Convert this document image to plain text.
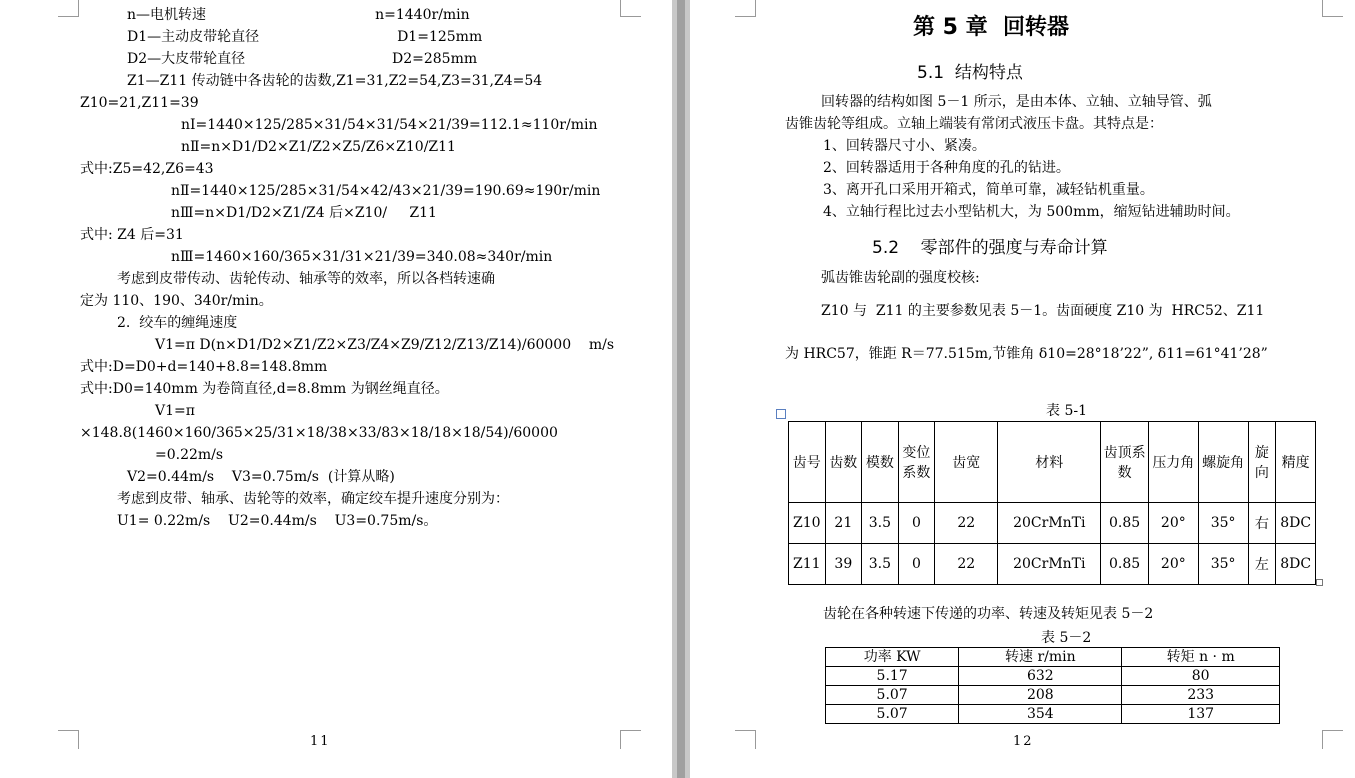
n—电机转速                                      n=1440r/min
D1—主动皮带轮直径                               D1=125mm
D2—大皮带轮直径                                 D2=285mm
Z1—Z11 传动链中各齿轮的齿数,Z1=31,Z2=54,Z3=31,Z4=54
Z10=21,Z11=39
nⅠ=1440×125/285×31/54×31/54×21/39=112.1≈110r/min
nⅡ=n×D1/D2×Z1/Z2×Z5/Z6×Z10/Z11
式中:Z5=42,Z6=43
nⅡ=1440×125/285×31/54×42/43×21/39=190.69≈190r/min
nⅢ=n×D1/D2×Z1/Z4 后×Z10/     Z11
式中: Z4 后=31
nⅢ=1460×160/365×31/31×21/39=340.08≈340r/min
考虑到皮带传动、齿轮传动、轴承等的效率，所以各档转速确
定为 110、190、340r/min。
2.  绞车的缠绳速度
V1=π D(n×D1/D2×Z1/Z2×Z3/Z4×Z9/Z12/Z13/Z14)/60000    m/s
式中:D=D0+d=140+8.8=148.8mm
式中:D0=140mm 为卷筒直径,d=8.8mm 为钢丝绳直径。
V1=π
×148.8(1460×160/365×25/31×18/38×33/83×18/18×18/54)/60000
=0.22m/s
V2=0.44m/s    V3=0.75m/s  (计算从略)
考虑到皮带、轴承、齿轮等的效率，确定绞车提升速度分别为：
U1= 0.22m/s    U2=0.44m/s    U3=0.75m/s。
11
第 5 章  回转器
5.1  结构特点
回转器的结构如图 5－1 所示，是由本体、立轴、立轴导管、弧
齿锥齿轮等组成。立轴上端装有常闭式液压卡盘。其特点是：
1、回转器尺寸小、紧凑。
2、回转器适用于各种角度的孔的钻进。
3、离开孔口采用开箱式，简单可靠，减轻钻机重量。
4、立轴行程比过去小型钻机大，为 500mm，缩短钻进辅助时间。
5.2    零部件的强度与寿命计算
弧齿锥齿轮副的强度校核:
Z10 与  Z11 的主要参数见表 5－1。齿面硬度 Z10 为  HRC52、Z11
为 HRC57，锥距 R＝77.515m,节锥角 δ10=28°18’22”, δ11=61°41’28”
表 5-1
齿号	齿数	模数	变位系数	齿宽	材料	齿顶系数	压力角	螺旋角	旋向	精度
Z10	21	3.5	0	22	20CrMnTi	0.85	20°	35°	右	8DC
Z11	39	3.5	0	22	20CrMnTi	0.85	20°	35°	左	8DC
齿轮在各种转速下传递的功率、转速及转矩见表 5－2
表 5－2
功率 KW	转速 r/min	转矩 n · m
5.17	632	80
5.07	208	233
5.07	354	137
12
